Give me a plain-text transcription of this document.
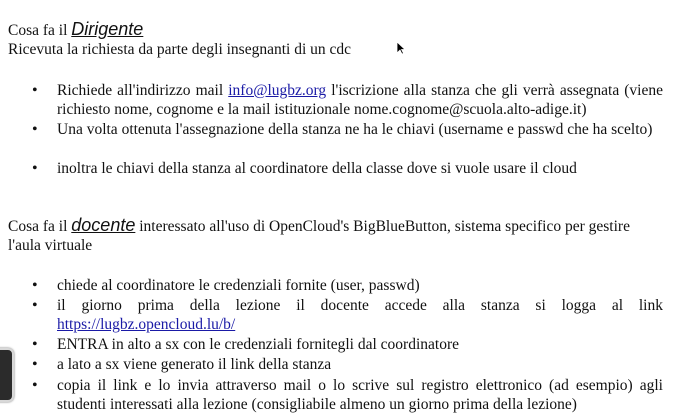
Cosa fa il Dirigente
Ricevuta la richiesta da parte degli insegnanti di un cdc
• Richiede all'indirizzo mail info@lugbz.org l'iscrizione alla stanza che gli verrà assegnata (viene richiesto nome, cognome e la mail istituzionale nome.cognome@scuola.alto-adige.it)
• Una volta ottenuta l'assegnazione della stanza ne ha le chiavi (username e passwd che ha scelto)
• inoltra le chiavi della stanza al coordinatore della classe dove si vuole usare il cloud
Cosa fa il docente interessato all'uso di OpenCloud's BigBlueButton, sistema specifico per gestire
l'aula virtuale
• chiede al coordinatore le credenziali fornite (user, passwd)
• il giorno prima della lezione il docente accede alla stanza si logga al link
https://lugbz.opencloud.lu/b/
• ENTRA in alto a sx con le credenziali fornitegli dal coordinatore
• a lato a sx viene generato il link della stanza
• copia il link e lo invia attraverso mail o lo scrive sul registro elettronico (ad esempio) agli studenti interessati alla lezione (consigliabile almeno un giorno prima della lezione)
